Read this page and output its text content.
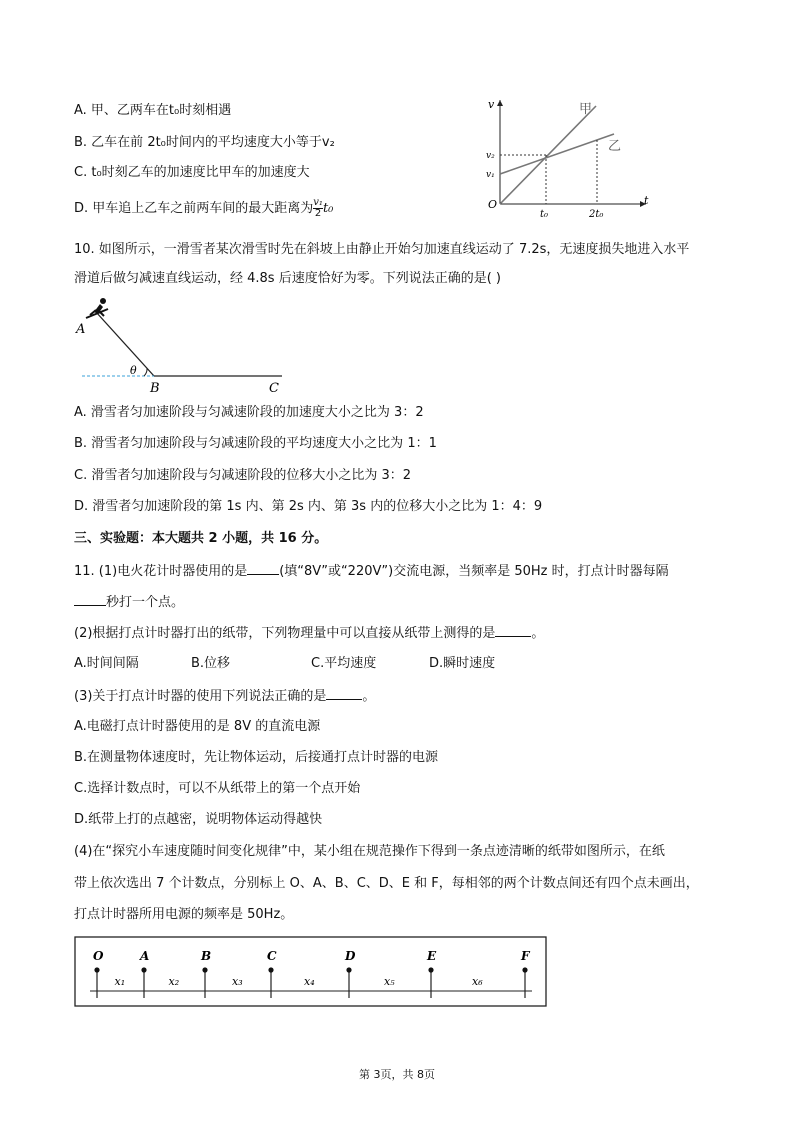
A. 甲、乙两车在t₀时刻相遇
B. 乙车在前 2t₀时间内的平均速度大小等于v₂
C. t₀时刻乙车的加速度比甲车的加速度大
D. 甲车追上乙车之前两车间的最大距离为 $\frac{\text{v₁}}{2} t_0$
v
t
O
甲
乙
v₂
v₁
t₀	2t₀
10. 如图所示，一滑雪者某次滑雪时先在斜坡上由静止开始匀加速直线运动了 7.2s，无速度损失地进入水平
滑道后做匀减速直线运动，经 4.8s 后速度恰好为零。下列说法正确的是( )
A
B	C
θ
A. 滑雪者匀加速阶段与匀减速阶段的加速度大小之比为 3：2
B. 滑雪者匀加速阶段与匀减速阶段的平均速度大小之比为 1：1
C. 滑雪者匀加速阶段与匀减速阶段的位移大小之比为 3：2
D. 滑雪者匀加速阶段的第 1s 内、第 2s 内、第 3s 内的位移大小之比为 1：4：9
三、实验题：本大题共 2 小题，共 16 分。
11. (1)电火花计时器使用的是 (填“8V”或“220V”)交流电源，当频率是 50Hz 时，打点计时器每隔
秒打一个点。
(2)根据打点计时器打出的纸带，下列物理量中可以直接从纸带上测得的是	。
A.时间间隔	B.位移	C.平均速度	D.瞬时速度
(3)关于打点计时器的使用下列说法正确的是	。
A.电磁打点计时器使用的是 8V 的直流电源
B.在测量物体速度时，先让物体运动，后接通打点计时器的电源
C.选择计数点时，可以不从纸带上的第一个点开始
D.纸带上打的点越密，说明物体运动得越快
(4)在“探究小车速度随时间变化规律”中，某小组在规范操作下得到一条点迹清晰的纸带如图所示，在纸
带上依次选出 7 个计数点，分别标上 O、A、B、C、D、E 和 F，每相邻的两个计数点间还有四个点未画出，
打点计时器所用电源的频率是 50Hz。
O	A	B	C	D	E	F
x₁	x₂	x₃	x₄	x₅	x₆
第 3页，共 8页
